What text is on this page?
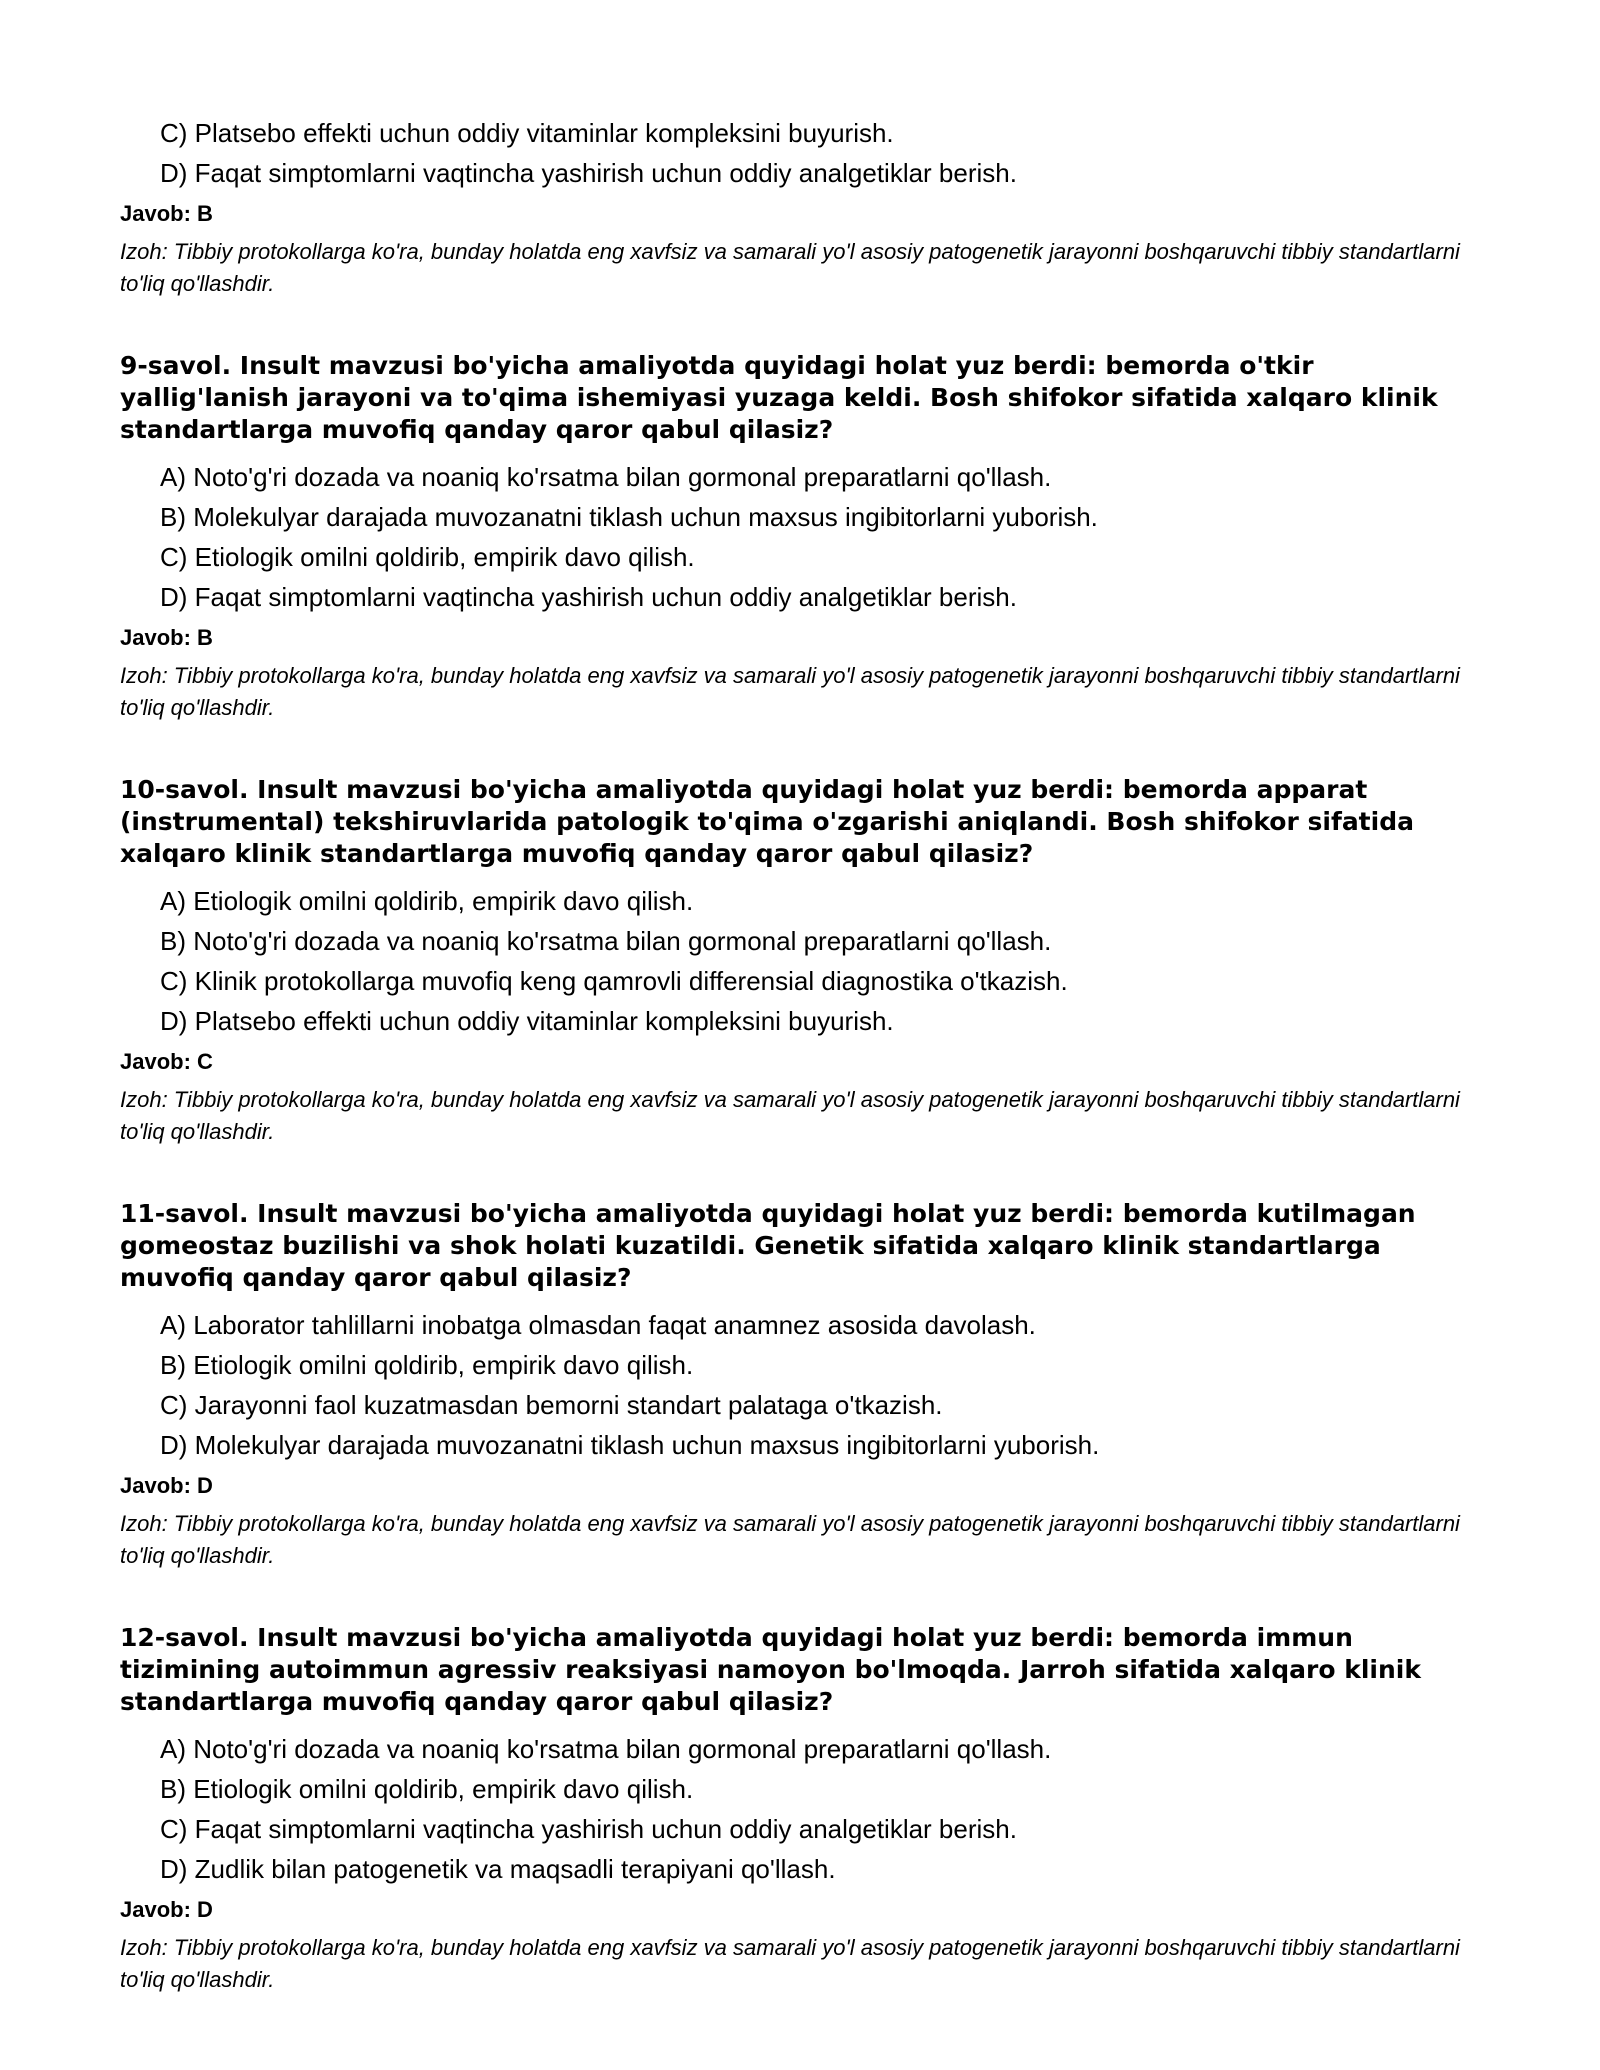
C) Platsebo effekti uchun oddiy vitaminlar kompleksini buyurish.
D) Faqat simptomlarni vaqtincha yashirish uchun oddiy analgetiklar berish.
Javob: B
Izoh: Tibbiy protokollarga ko'ra, bunday holatda eng xavfsiz va samarali yo'l asosiy patogenetik jarayonni boshqaruvchi tibbiy standartlarni to'liq qo'llashdir.
9-savol. Insult mavzusi bo'yicha amaliyotda quyidagi holat yuz berdi: bemorda o'tkir yallig'lanish jarayoni va to'qima ishemiyasi yuzaga keldi. Bosh shifokor sifatida xalqaro klinik standartlarga muvofiq qanday qaror qabul qilasiz?
A) Noto'g'ri dozada va noaniq ko'rsatma bilan gormonal preparatlarni qo'llash.
B) Molekulyar darajada muvozanatni tiklash uchun maxsus ingibitorlarni yuborish.
C) Etiologik omilni qoldirib, empirik davo qilish.
D) Faqat simptomlarni vaqtincha yashirish uchun oddiy analgetiklar berish.
Javob: B
Izoh: Tibbiy protokollarga ko'ra, bunday holatda eng xavfsiz va samarali yo'l asosiy patogenetik jarayonni boshqaruvchi tibbiy standartlarni to'liq qo'llashdir.
10-savol. Insult mavzusi bo'yicha amaliyotda quyidagi holat yuz berdi: bemorda apparat (instrumental) tekshiruvlarida patologik to'qima o'zgarishi aniqlandi. Bosh shifokor sifatida xalqaro klinik standartlarga muvofiq qanday qaror qabul qilasiz?
A) Etiologik omilni qoldirib, empirik davo qilish.
B) Noto'g'ri dozada va noaniq ko'rsatma bilan gormonal preparatlarni qo'llash.
C) Klinik protokollarga muvofiq keng qamrovli differensial diagnostika o'tkazish.
D) Platsebo effekti uchun oddiy vitaminlar kompleksini buyurish.
Javob: C
Izoh: Tibbiy protokollarga ko'ra, bunday holatda eng xavfsiz va samarali yo'l asosiy patogenetik jarayonni boshqaruvchi tibbiy standartlarni to'liq qo'llashdir.
11-savol. Insult mavzusi bo'yicha amaliyotda quyidagi holat yuz berdi: bemorda kutilmagan gomeostaz buzilishi va shok holati kuzatildi. Genetik sifatida xalqaro klinik standartlarga muvofiq qanday qaror qabul qilasiz?
A) Laborator tahlillarni inobatga olmasdan faqat anamnez asosida davolash.
B) Etiologik omilni qoldirib, empirik davo qilish.
C) Jarayonni faol kuzatmasdan bemorni standart palataga o'tkazish.
D) Molekulyar darajada muvozanatni tiklash uchun maxsus ingibitorlarni yuborish.
Javob: D
Izoh: Tibbiy protokollarga ko'ra, bunday holatda eng xavfsiz va samarali yo'l asosiy patogenetik jarayonni boshqaruvchi tibbiy standartlarni to'liq qo'llashdir.
12-savol. Insult mavzusi bo'yicha amaliyotda quyidagi holat yuz berdi: bemorda immun tizimining autoimmun agressiv reaksiyasi namoyon bo'lmoqda. Jarroh sifatida xalqaro klinik standartlarga muvofiq qanday qaror qabul qilasiz?
A) Noto'g'ri dozada va noaniq ko'rsatma bilan gormonal preparatlarni qo'llash.
B) Etiologik omilni qoldirib, empirik davo qilish.
C) Faqat simptomlarni vaqtincha yashirish uchun oddiy analgetiklar berish.
D) Zudlik bilan patogenetik va maqsadli terapiyani qo'llash.
Javob: D
Izoh: Tibbiy protokollarga ko'ra, bunday holatda eng xavfsiz va samarali yo'l asosiy patogenetik jarayonni boshqaruvchi tibbiy standartlarni to'liq qo'llashdir.
